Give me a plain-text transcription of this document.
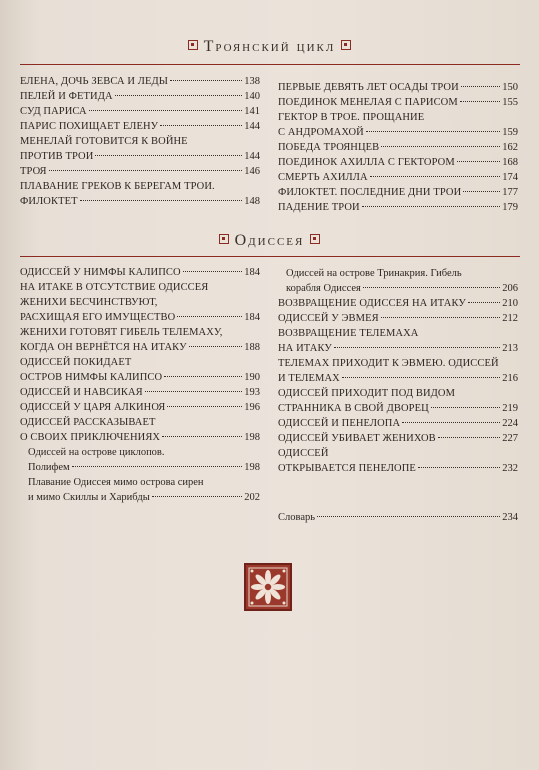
Троянский цикл
ЕЛЕНА, ДОЧЬ ЗЕВСА И ЛЕДЫ	138
ПЕЛЕЙ И ФЕТИДА	140
СУД ПАРИСА	141
ПАРИС ПОХИЩАЕТ ЕЛЕНУ	144
МЕНЕЛАЙ ГОТОВИТСЯ К ВОЙНЕ
ПРОТИВ ТРОИ	144
ТРОЯ	146
ПЛАВАНИЕ ГРЕКОВ К БЕРЕГАМ ТРОИ.
ФИЛОКТЕТ	148
ПЕРВЫЕ ДЕВЯТЬ ЛЕТ ОСАДЫ ТРОИ	150
ПОЕДИНОК МЕНЕЛАЯ С ПАРИСОМ	155
ГЕКТОР В ТРОЕ. ПРОЩАНИЕ
С АНДРОМАХОЙ	159
ПОБЕДА ТРОЯНЦЕВ	162
ПОЕДИНОК АХИЛЛА С ГЕКТОРОМ	168
СМЕРТЬ АХИЛЛА	174
ФИЛОКТЕТ. ПОСЛЕДНИЕ ДНИ ТРОИ	177
ПАДЕНИЕ ТРОИ	179
Одиссея
ОДИССЕЙ У НИМФЫ КАЛИПСО	184
НА ИТАКЕ В ОТСУТСТВИЕ ОДИССЕЯ
ЖЕНИХИ БЕСЧИНСТВУЮТ,
РАСХИЩАЯ ЕГО ИМУЩЕСТВО	184
ЖЕНИХИ ГОТОВЯТ ГИБЕЛЬ ТЕЛЕМАХУ,
КОГДА ОН ВЕРНЁТСЯ НА ИТАКУ	188
ОДИССЕЙ ПОКИДАЕТ
ОСТРОВ НИМФЫ КАЛИПСО	190
ОДИССЕЙ И НАВСИКАЯ	193
ОДИССЕЙ У ЦАРЯ АЛКИНОЯ	196
ОДИССЕЙ РАССКАЗЫВАЕТ
О СВОИХ ПРИКЛЮЧЕНИЯХ	198
Одиссей на острове циклопов.
Полифем	198
Плавание Одиссея мимо острова сирен
и мимо Скиллы и Харибды	202
Одиссей на острове Тринакрия. Гибель
корабля Одиссея	206
ВОЗВРАЩЕНИЕ ОДИССЕЯ НА ИТАКУ	210
ОДИССЕЙ У ЭВМЕЯ	212
ВОЗВРАЩЕНИЕ ТЕЛЕМАХА
НА ИТАКУ	213
ТЕЛЕМАХ ПРИХОДИТ К ЭВМЕЮ. ОДИССЕЙ
И ТЕЛЕМАХ	216
ОДИССЕЙ ПРИХОДИТ ПОД ВИДОМ
СТРАННИКА В СВОЙ ДВОРЕЦ	219
ОДИССЕЙ И ПЕНЕЛОПА	224
ОДИССЕЙ УБИВАЕТ ЖЕНИХОВ	227
ОДИССЕЙ
ОТКРЫВАЕТСЯ ПЕНЕЛОПЕ	232
Словарь	234
